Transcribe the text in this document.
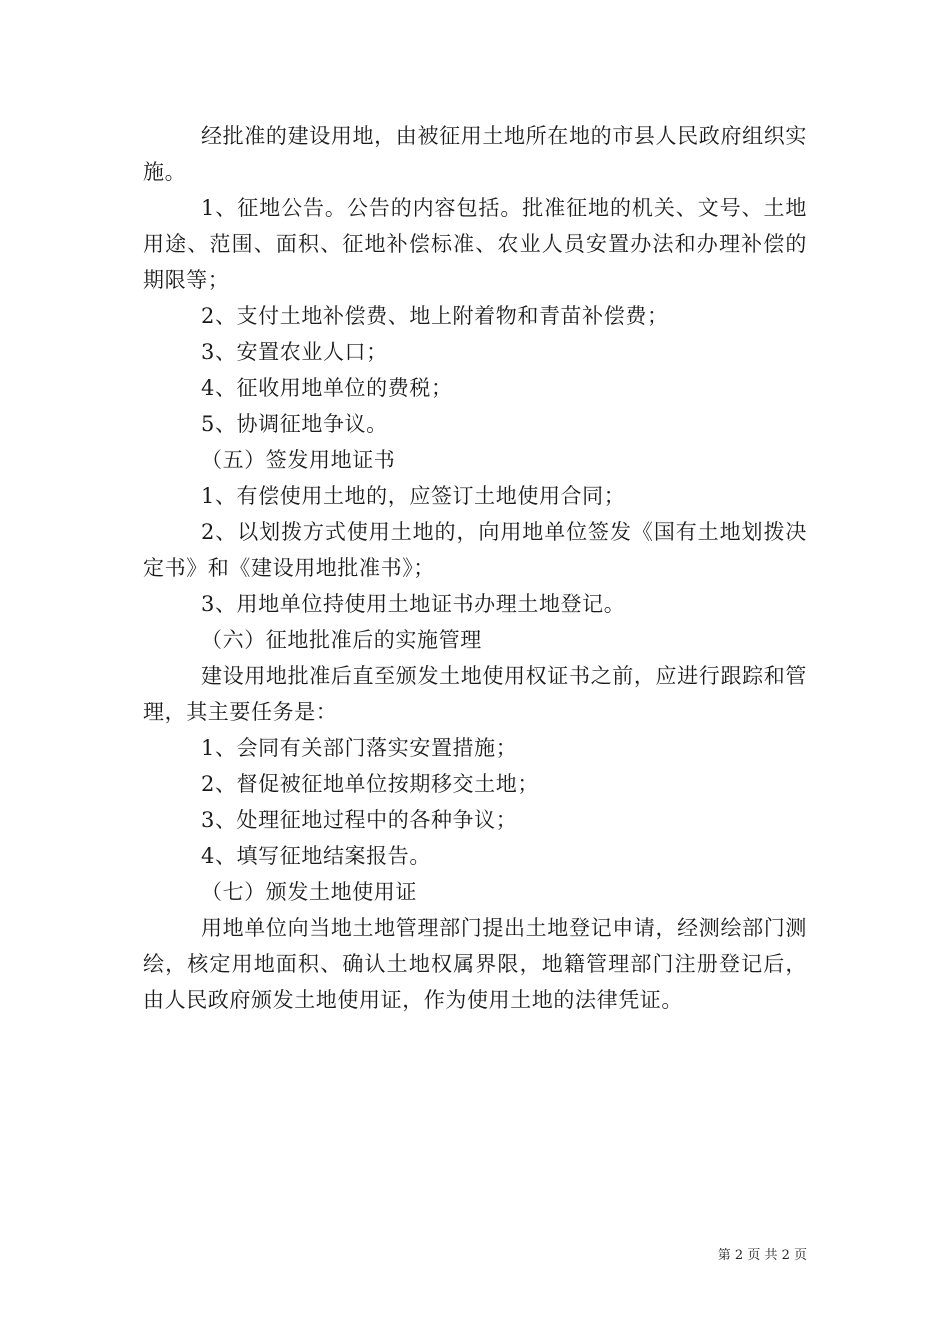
经批准的建设用地，由被征用土地所在地的市县人民政府组织实施。

1、征地公告。公告的内容包括。批准征地的机关、文号、土地用途、范围、面积、征地补偿标准、农业人员安置办法和办理补偿的期限等；

2、支付土地补偿费、地上附着物和青苗补偿费；

3、安置农业人口；

4、征收用地单位的费税；

5、协调征地争议。

（五）签发用地证书

1、有偿使用土地的，应签订土地使用合同；

2、以划拨方式使用土地的，向用地单位签发《国有土地划拨决定书》和《建设用地批准书》；

3、用地单位持使用土地证书办理土地登记。

（六）征地批准后的实施管理

建设用地批准后直至颁发土地使用权证书之前，应进行跟踪和管理，其主要任务是：

1、会同有关部门落实安置措施；

2、督促被征地单位按期移交土地；

3、处理征地过程中的各种争议；

4、填写征地结案报告。

（七）颁发土地使用证

用地单位向当地土地管理部门提出土地登记申请，经测绘部门测绘，核定用地面积、确认土地权属界限，地籍管理部门注册登记后，由人民政府颁发土地使用证，作为使用土地的法律凭证。

第 2 页 共 2 页
